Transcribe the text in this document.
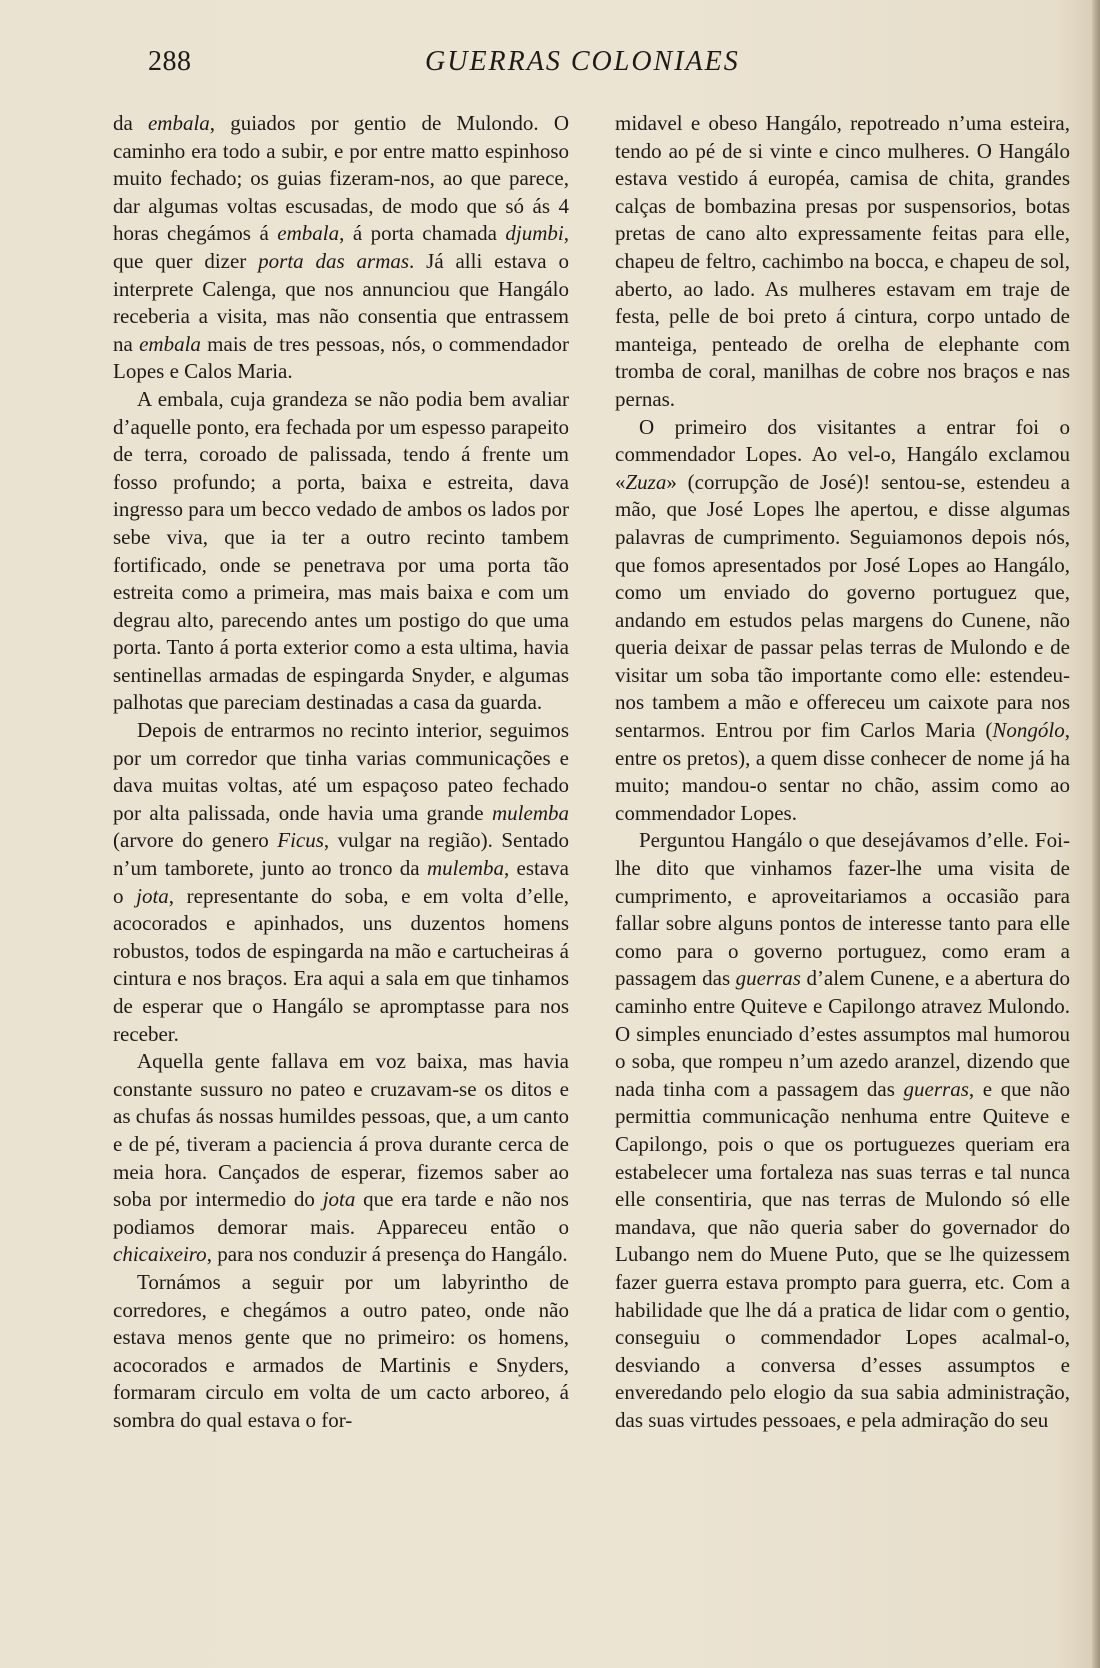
288	GUERRAS COLONIAES

da embala, guiados por gentio de Mulondo. O caminho era todo a subir, e por entre matto espinhoso muito fechado; os guias fizeram-nos, ao que parece, dar algumas voltas escusadas, de modo que só ás 4 horas chegámos á embala, á porta chamada djumbi, que quer dizer porta das armas. Já alli estava o interprete Calenga, que nos annunciou que Hangálo receberia a visita, mas não consentia que entrassem na embala mais de tres pessoas, nós, o commendador Lopes e Calos Maria.

A embala, cuja grandeza se não podia bem avaliar d’aquelle ponto, era fechada por um espesso parapeito de terra, coroado de palissada, tendo á frente um fosso profundo; a porta, baixa e estreita, dava ingresso para um becco vedado de ambos os lados por sebe viva, que ia ter a outro recinto tambem fortificado, onde se penetrava por uma porta tão estreita como a primeira, mas mais baixa e com um degrau alto, parecendo antes um postigo do que uma porta. Tanto á porta exterior como a esta ultima, havia sentinellas armadas de espingarda Snyder, e algumas palhotas que pareciam destinadas a casa da guarda.

Depois de entrarmos no recinto interior, seguimos por um corredor que tinha varias communicações e dava muitas voltas, até um espaçoso pateo fechado por alta palissada, onde havia uma grande mulemba (arvore do genero Ficus, vulgar na região). Sentado n’um tamborete, junto ao tronco da mulemba, estava o jota, representante do soba, e em volta d’elle, acocorados e apinhados, uns duzentos homens robustos, todos de espingarda na mão e cartucheiras á cintura e nos braços. Era aqui a sala em que tinhamos de esperar que o Hangálo se apromptasse para nos receber.

Aquella gente fallava em voz baixa, mas havia constante sussuro no pateo e cruzavam-se os ditos e as chufas ás nossas humildes pessoas, que, a um canto e de pé, tiveram a paciencia á prova durante cerca de meia hora. Cançados de esperar, fizemos saber ao soba por intermedio do jota que era tarde e não nos podiamos demorar mais. Appareceu então o chicaixeiro, para nos conduzir á presença do Hangálo.

Tornámos a seguir por um labyrintho de corredores, e chegámos a outro pateo, onde não estava menos gente que no primeiro: os homens, acocorados e armados de Martinis e Snyders, formaram circulo em volta de um cacto arboreo, á sombra do qual estava o for-

midavel e obeso Hangálo, repotreado n’uma esteira, tendo ao pé de si vinte e cinco mulheres. O Hangálo estava vestido á européa, camisa de chita, grandes calças de bombazina presas por suspensorios, botas pretas de cano alto expressamente feitas para elle, chapeu de feltro, cachimbo na bocca, e chapeu de sol, aberto, ao lado. As mulheres estavam em traje de festa, pelle de boi preto á cintura, corpo untado de manteiga, penteado de orelha de elephante com tromba de coral, manilhas de cobre nos braços e nas pernas.

O primeiro dos visitantes a entrar foi o commendador Lopes. Ao vel-o, Hangálo exclamou «Zuza» (corrupção de José)! sentou-se, estendeu a mão, que José Lopes lhe apertou, e disse algumas palavras de cumprimento. Seguiamonos depois nós, que fomos apresentados por José Lopes ao Hangálo, como um enviado do governo portuguez que, andando em estudos pelas margens do Cunene, não queria deixar de passar pelas terras de Mulondo e de visitar um soba tão importante como elle: estendeu-nos tambem a mão e offereceu um caixote para nos sentarmos. Entrou por fim Carlos Maria (Nongólo, entre os pretos), a quem disse conhecer de nome já ha muito; mandou-o sentar no chão, assim como ao commendador Lopes.

Perguntou Hangálo o que desejávamos d’elle. Foi-lhe dito que vinhamos fazer-lhe uma visita de cumprimento, e aproveitariamos a occasião para fallar sobre alguns pontos de interesse tanto para elle como para o governo portuguez, como eram a passagem das guerras d’alem Cunene, e a abertura do caminho entre Quiteve e Capilongo atravez Mulondo. O simples enunciado d’estes assumptos mal humorou o soba, que rompeu n’um azedo aranzel, dizendo que nada tinha com a passagem das guerras, e que não permittia communicação nenhuma entre Quiteve e Capilongo, pois o que os portuguezes queriam era estabelecer uma fortaleza nas suas terras e tal nunca elle consentiria, que nas terras de Mulondo só elle mandava, que não queria saber do governador do Lubango nem do Muene Puto, que se lhe quizessem fazer guerra estava prompto para guerra, etc. Com a habilidade que lhe dá a pratica de lidar com o gentio, conseguiu o commendador Lopes acalmal-o, desviando a conversa d’esses assumptos e enveredando pelo elogio da sua sabia administração, das suas virtudes pessoaes, e pela admiração do seu
